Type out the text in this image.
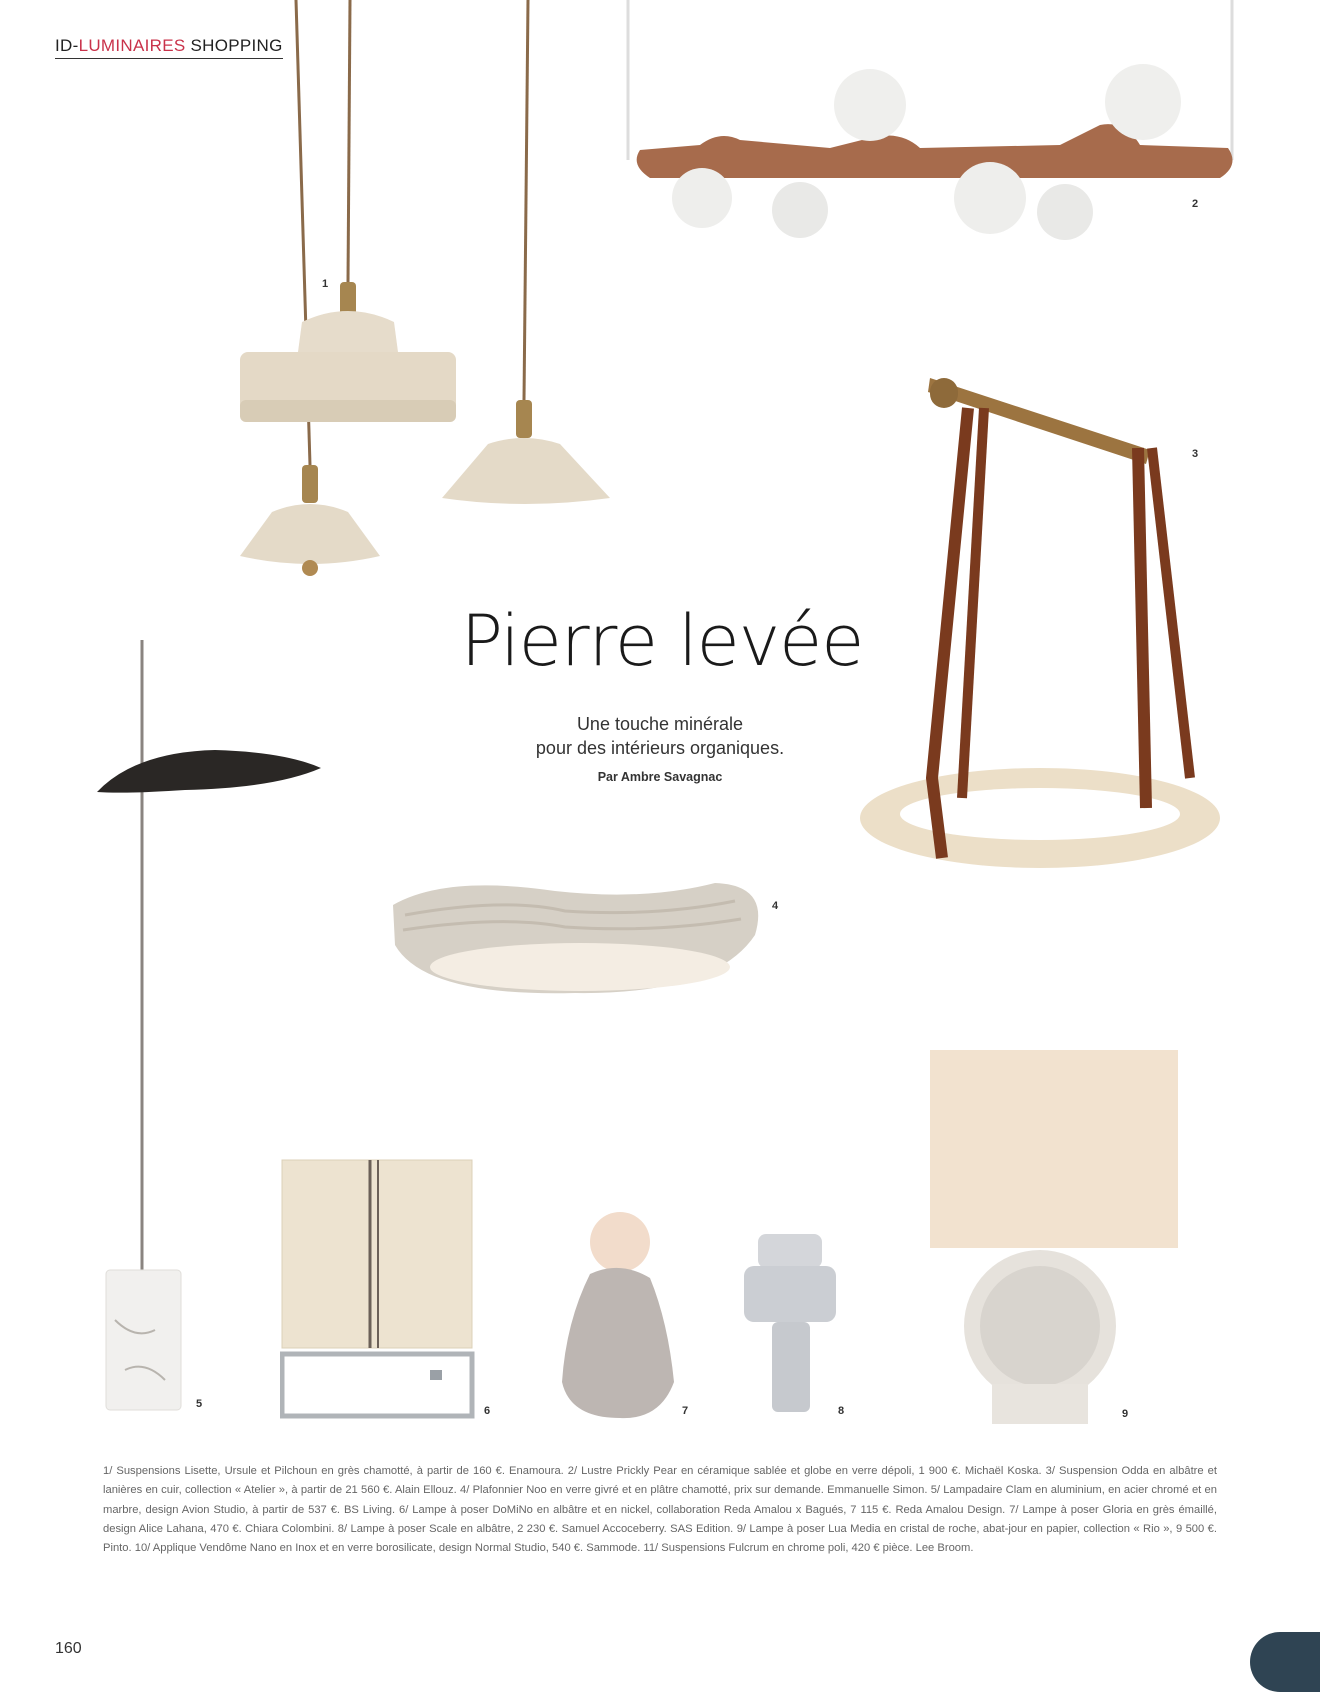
ID-LUMINAIRES SHOPPING
1
2
3
4
5
6	7	8	9
Pierre levée
Une touche minérale
pour des intérieurs organiques.
Par Ambre Savagnac

1/ Suspensions Lisette, Ursule et Pilchoun en grès chamotté, à partir de 160 €. Enamoura. 2/ Lustre Prickly Pear en céramique sablée et globe en verre dépoli, 1 900 €. Michaël Koska. 3/ Suspension Odda en albâtre et lanières en cuir, collection « Atelier », à partir de 21 560 €. Alain Ellouz. 4/ Plafonnier Noo en verre givré et en plâtre chamotté, prix sur demande. Emmanuelle Simon. 5/ Lampadaire Clam en aluminium, en acier chromé et en marbre, design Avion Studio, à partir de 537 €. BS Living. 6/ Lampe à poser DoMiNo en albâtre et en nickel, collaboration Reda Amalou x Bagués, 7 115 €. Reda Amalou Design. 7/ Lampe à poser Gloria en grès émaillé, design Alice Lahana, 470 €. Chiara Colombini. 8/ Lampe à poser Scale en albâtre, 2 230 €. Samuel Accoceberry. SAS Edition. 9/ Lampe à poser Lua Media en cristal de roche, abat-jour en papier, collection « Rio », 9 500 €. Pinto. 10/ Applique Vendôme Nano en Inox et en verre borosilicate, design Normal Studio, 540 €. Sammode. 11/ Suspensions Fulcrum en chrome poli, 420 € pièce. Lee Broom.

160
